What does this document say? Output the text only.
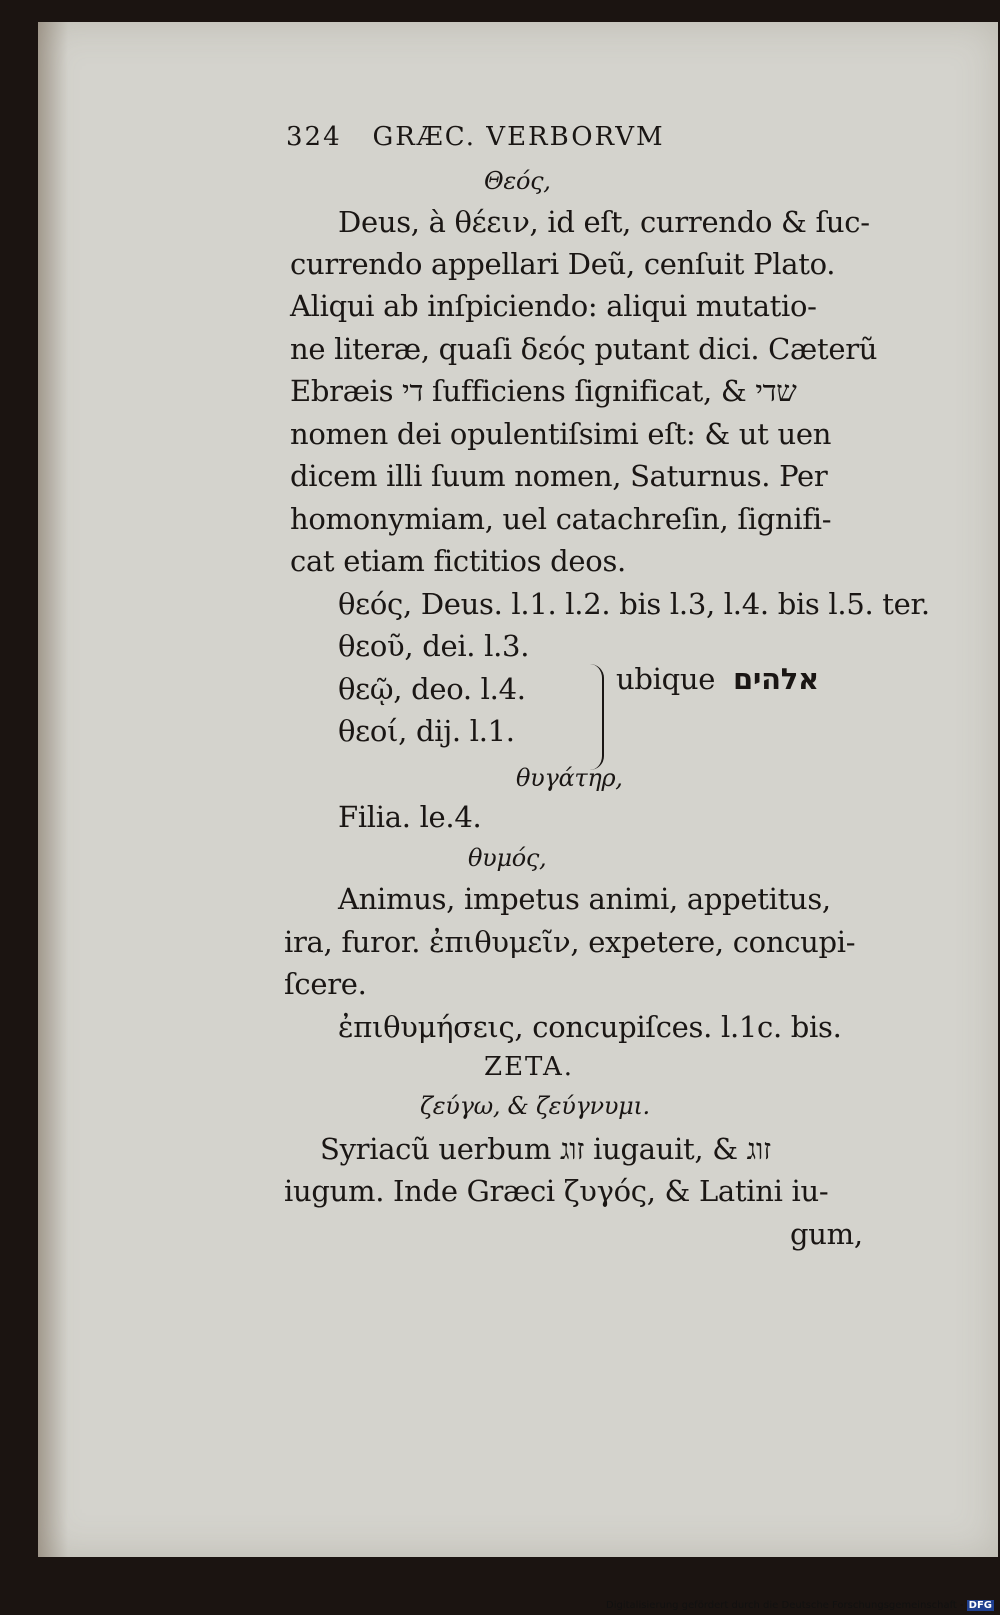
324 GRÆC. VERBORVM
Θεός,
Deus, à θέειν, id eſt, currendo & ſuc-
currendo appellari Deũ, cenſuit Plato.
Aliqui ab inſpiciendo: aliqui mutatio-
ne literæ, quaſi δεός putant dici. Cæterũ
Ebræis די ſufficiens ſignificat, & שדי
nomen dei opulentiſsimi eſt: & ut uen
dicem illi ſuum nomen, Saturnus. Per
homonymiam, uel catachreſin, ſignifi-
cat etiam fictitios deos.
θεός, Deus. l.1. l.2. bis l.3, l.4. bis l.5. ter.
θεοῦ, dei. l.3.
θεῷ, deo. l.4.
θεοί, dij. l.1.
ubique אלהים
θυγάτηρ,
Filia. le.4.
θυμός,
Animus, impetus animi, appetitus,
ira, furor. ἐπιθυμεῖν, expetere, concupi-
ſcere.
ἐπιθυμήσεις, concupiſces. l.1c. bis.
ZETA.
ζεύγω, & ζεύγνυμι.
Syriacũ uerbum זוג iugauit, & זוג
iugum. Inde Græci ζυγός, & Latini iu-
gum,
Digitalisierung gefördert durch die Deutsche Forschungsgemeinschaft - DFG
